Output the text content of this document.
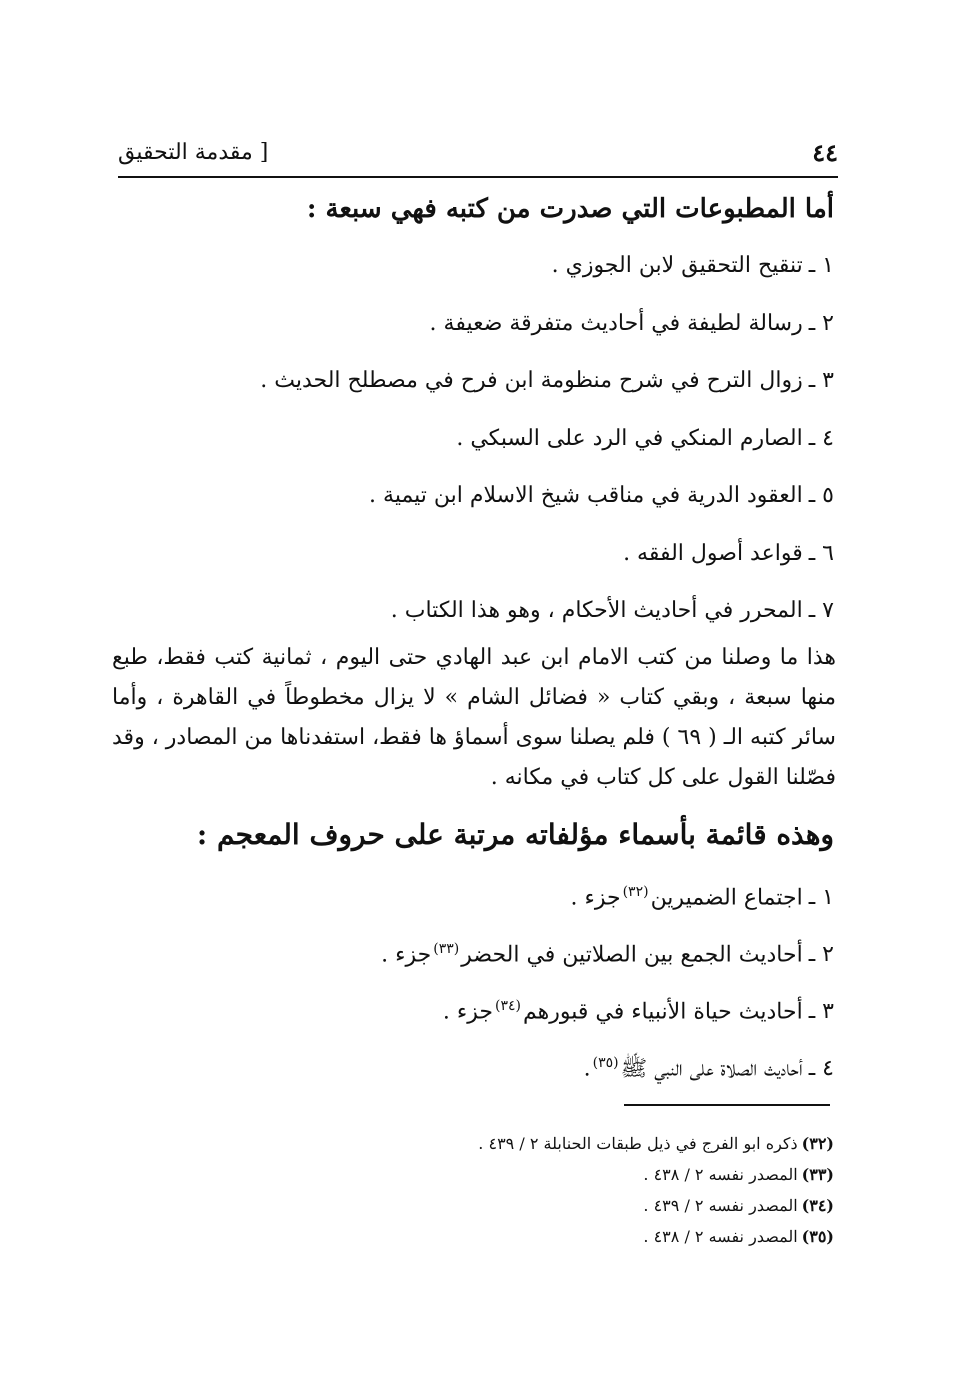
٤٤
[ مقدمة التحقيق
أما المطبوعات التي صدرت من كتبه فهي سبعة :
١ ـتنقيح التحقيق لابن الجوزي .
٢ ـرسالة لطيفة في أحاديث متفرقة ضعيفة .
٣ ـزوال الترح في شرح منظومة ابن فرح في مصطلح الحديث .
٤ ـالصارم المنكي في الرد على السبكي .
٥ ـالعقود الدرية في مناقب شيخ الاسلام ابن تيمية .
٦ ـقواعد أصول الفقه .
٧ ـالمحرر في أحاديث الأحكام ، وهو هذا الكتاب .

هذا ما وصلنا من كتب الامام ابن عبد الهادي حتى اليوم ، ثمانية كتب فقط، طبع منها سبعة ، وبقي كتاب « فضائل الشام » لا يزال مخطوطاً في القاهرة ، وأما سائر كتبه الـ ( ٦٩ ) فلم يصلنا سوى أسماؤ ها فقط، استفدناها من المصادر ، وقد فصّلنا القول على كل كتاب في مكانه .

وهذه قائمة بأسماء مؤلفاته مرتبة على حروف المعجم :
١ ـاجتماع الضميرين$^{(٣٢)}$جزء .
٢ ـأحاديث الجمع بين الصلاتين في الحضر$^{(٣٣)}$جزء .
٣ ـأحاديث حياة الأنبياء في قبورهم$^{(٣٤)}$جزء .
٤ ـأحاديث الصلاة على النبي ﷺ$^{(٣٥)}$.
(٣٢)ذكره ابو الفرج في ذيل طبقات الحنابلة ٢ / ٤٣٩ .
(٣٣)المصدر نفسه ٢ / ٤٣٨ .
(٣٤)المصدر نفسه ٢ / ٤٣٩ .
(٣٥)المصدر نفسه ٢ / ٤٣٨ .
